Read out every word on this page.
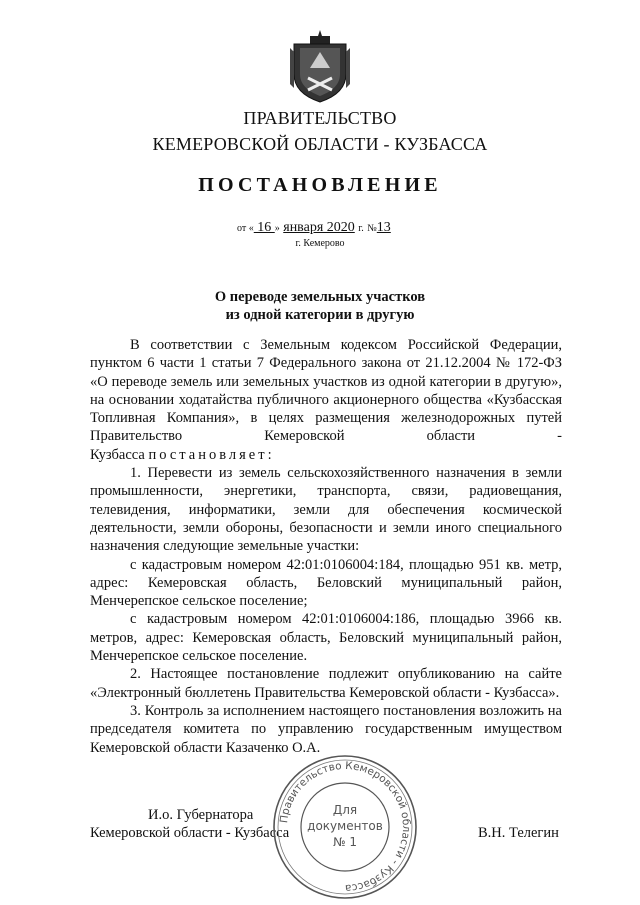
ПРАВИТЕЛЬСТВО
КЕМЕРОВСКОЙ ОБЛАСТИ - КУЗБАССА
ПОСТАНОВЛЕНИЕ
от « 16 » января 2020 г. №13
г. Кемерово
О переводе земельных участков
из одной категории в другую

В соответствии с Земельным кодексом Российской Федерации, пунктом 6 части 1 статьи 7 Федерального закона от 21.12.2004 № 172-ФЗ «О переводе земель или земельных участков из одной категории в другую», на основании ходатайства публичного акционерного общества «Кузбасская Топливная Компания», в целях размещения железнодорожных путей Правительство Кемеровской области -

Кузбасса постановляет:

1. Перевести из земель сельскохозяйственного назначения в земли промышленности, энергетики, транспорта, связи, радиовещания, телевидения, информатики, земли для обеспечения космической деятельности, земли обороны, безопасности и земли иного специального назначения следующие земельные участки:

с кадастровым номером 42:01:0106004:184, площадью 951 кв. метр, адрес: Кемеровская область, Беловский муниципальный район, Менчерепское сельское поселение;

с кадастровым номером 42:01:0106004:186, площадью 3966 кв. метров, адрес: Кемеровская область, Беловский муниципальный район, Менчерепское сельское поселение.

2. Настоящее постановление подлежит опубликованию на сайте «Электронный бюллетень Правительства Кемеровской области - Кузбасса».

3. Контроль за исполнением настоящего постановления возложить на председателя комитета по управлению государственным имуществом Кемеровской области Казаченко О.А.

И.о. Губернатора
Кемеровской области - Кузбасса	В.Н. Телегин
Правительство Кемеровской области - Кузбасса
Для
документов
№ 1
